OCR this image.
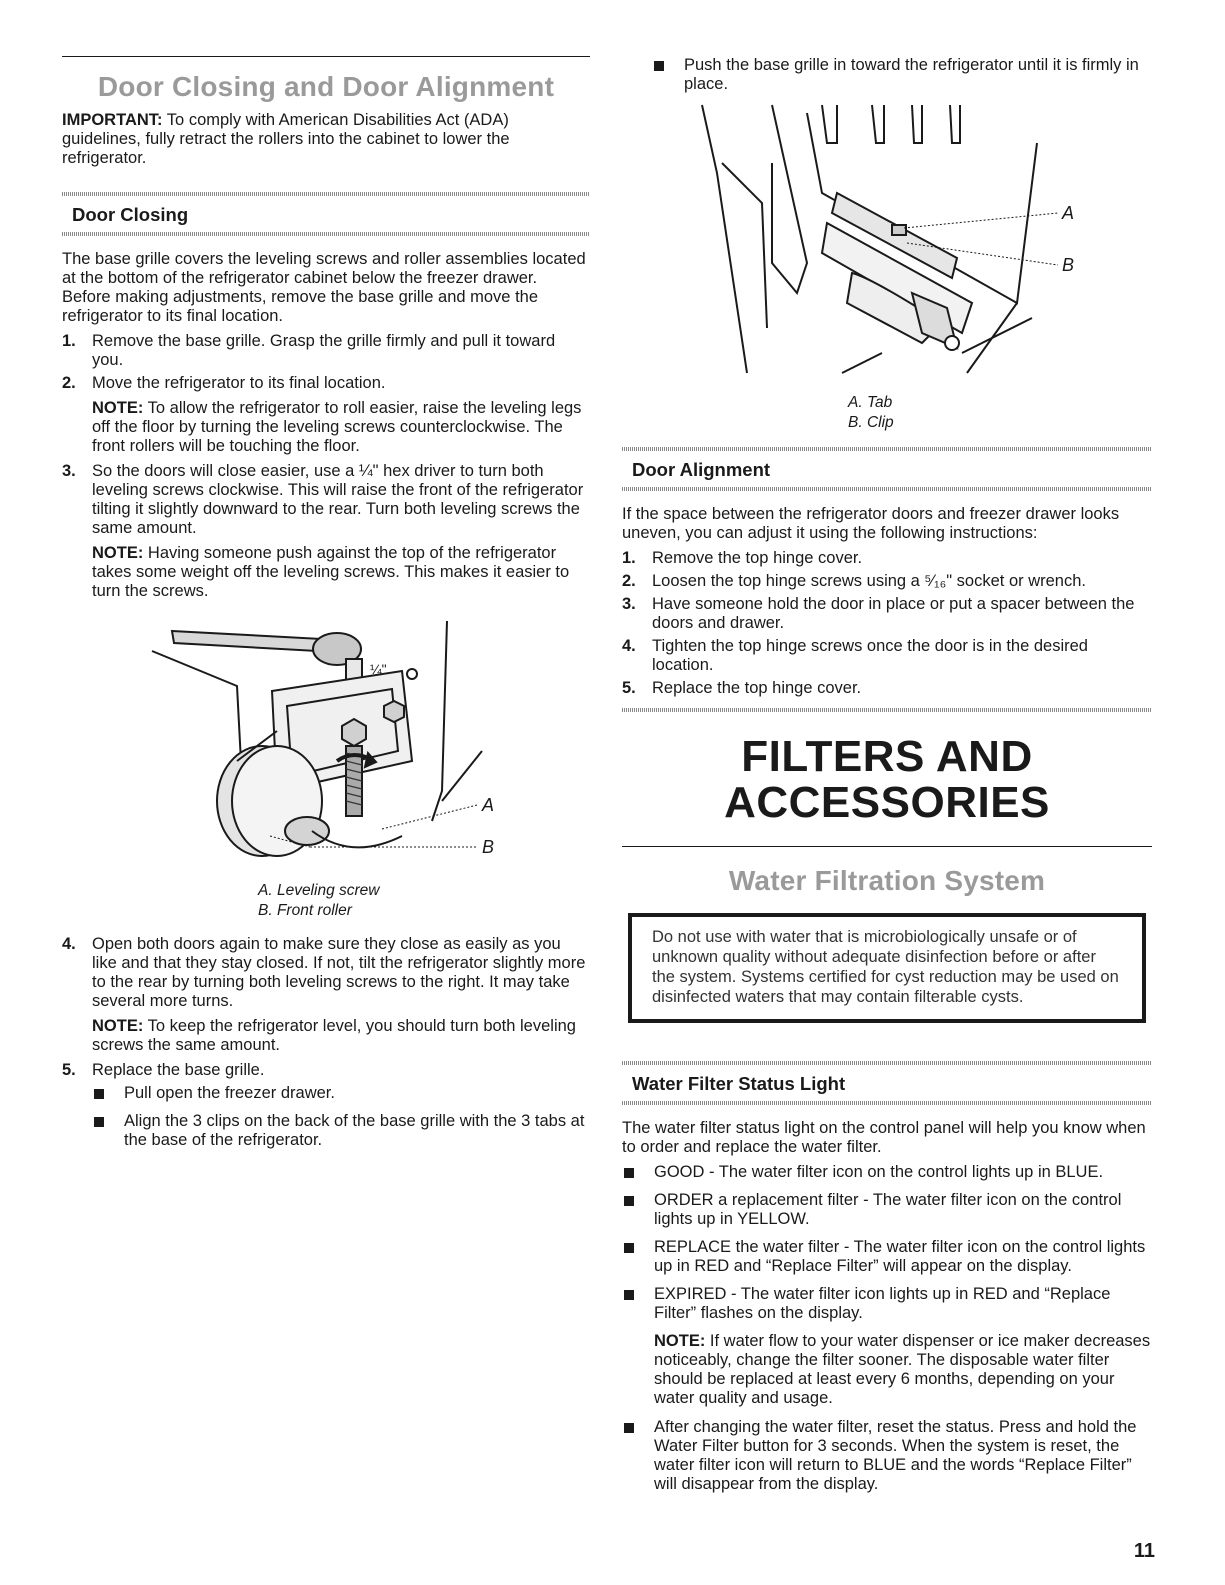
Door Closing and Door Alignment

IMPORTANT: To comply with American Disabilities Act (ADA) guidelines, fully retract the rollers into the cabinet to lower the refrigerator.

Door Closing

The base grille covers the leveling screws and roller assemblies located at the bottom of the refrigerator cabinet below the freezer drawer. Before making adjustments, remove the base grille and move the refrigerator to its final location.

1. Remove the base grille. Grasp the grille firmly and pull it toward you.
2. Move the refrigerator to its final location.
NOTE: To allow the refrigerator to roll easier, raise the leveling legs off the floor by turning the leveling screws counterclockwise. The front rollers will be touching the floor.
3. So the doors will close easier, use a ¼" hex driver to turn both leveling screws clockwise. This will raise the front of the refrigerator tilting it slightly downward to the rear. Turn both leveling screws the same amount.
NOTE: Having someone push against the top of the refrigerator takes some weight off the leveling screws. This makes it easier to turn the screws.
¼"
A
B
A. Leveling screw
B. Front roller
4. Open both doors again to make sure they close as easily as you like and that they stay closed. If not, tilt the refrigerator slightly more to the rear by turning both leveling screws to the right. It may take several more turns.
NOTE: To keep the refrigerator level, you should turn both leveling screws the same amount.
5. Replace the base grille.
Pull open the freezer drawer.
Align the 3 clips on the back of the base grille with the 3 tabs at the base of the refrigerator.
Push the base grille in toward the refrigerator until it is firmly in place.
A
B
A. Tab
B. Clip
Door Alignment

If the space between the refrigerator doors and freezer drawer looks uneven, you can adjust it using the following instructions:

1. Remove the top hinge cover.
2. Loosen the top hinge screws using a ⁵⁄₁₆" socket or wrench.
3. Have someone hold the door in place or put a spacer between the doors and drawer.
4. Tighten the top hinge screws once the door is in the desired location.
5. Replace the top hinge cover.
FILTERS AND
ACCESSORIES
Water Filtration System
Do not use with water that is microbiologically unsafe or of unknown quality without adequate disinfection before or after the system. Systems certified for cyst reduction may be used on disinfected waters that may contain filterable cysts.
Water Filter Status Light

The water filter status light on the control panel will help you know when to order and replace the water filter.

GOOD - The water filter icon on the control lights up in BLUE.
ORDER a replacement filter - The water filter icon on the control lights up in YELLOW.
REPLACE the water filter - The water filter icon on the control lights up in RED and “Replace Filter” will appear on the display.
EXPIRED - The water filter icon lights up in RED and “Replace Filter” flashes on the display.
NOTE: If water flow to your water dispenser or ice maker decreases noticeably, change the filter sooner. The disposable water filter should be replaced at least every 6 months, depending on your water quality and usage.
After changing the water filter, reset the status. Press and hold the Water Filter button for 3 seconds. When the system is reset, the water filter icon will return to BLUE and the words “Replace Filter” will disappear from the display.
11
